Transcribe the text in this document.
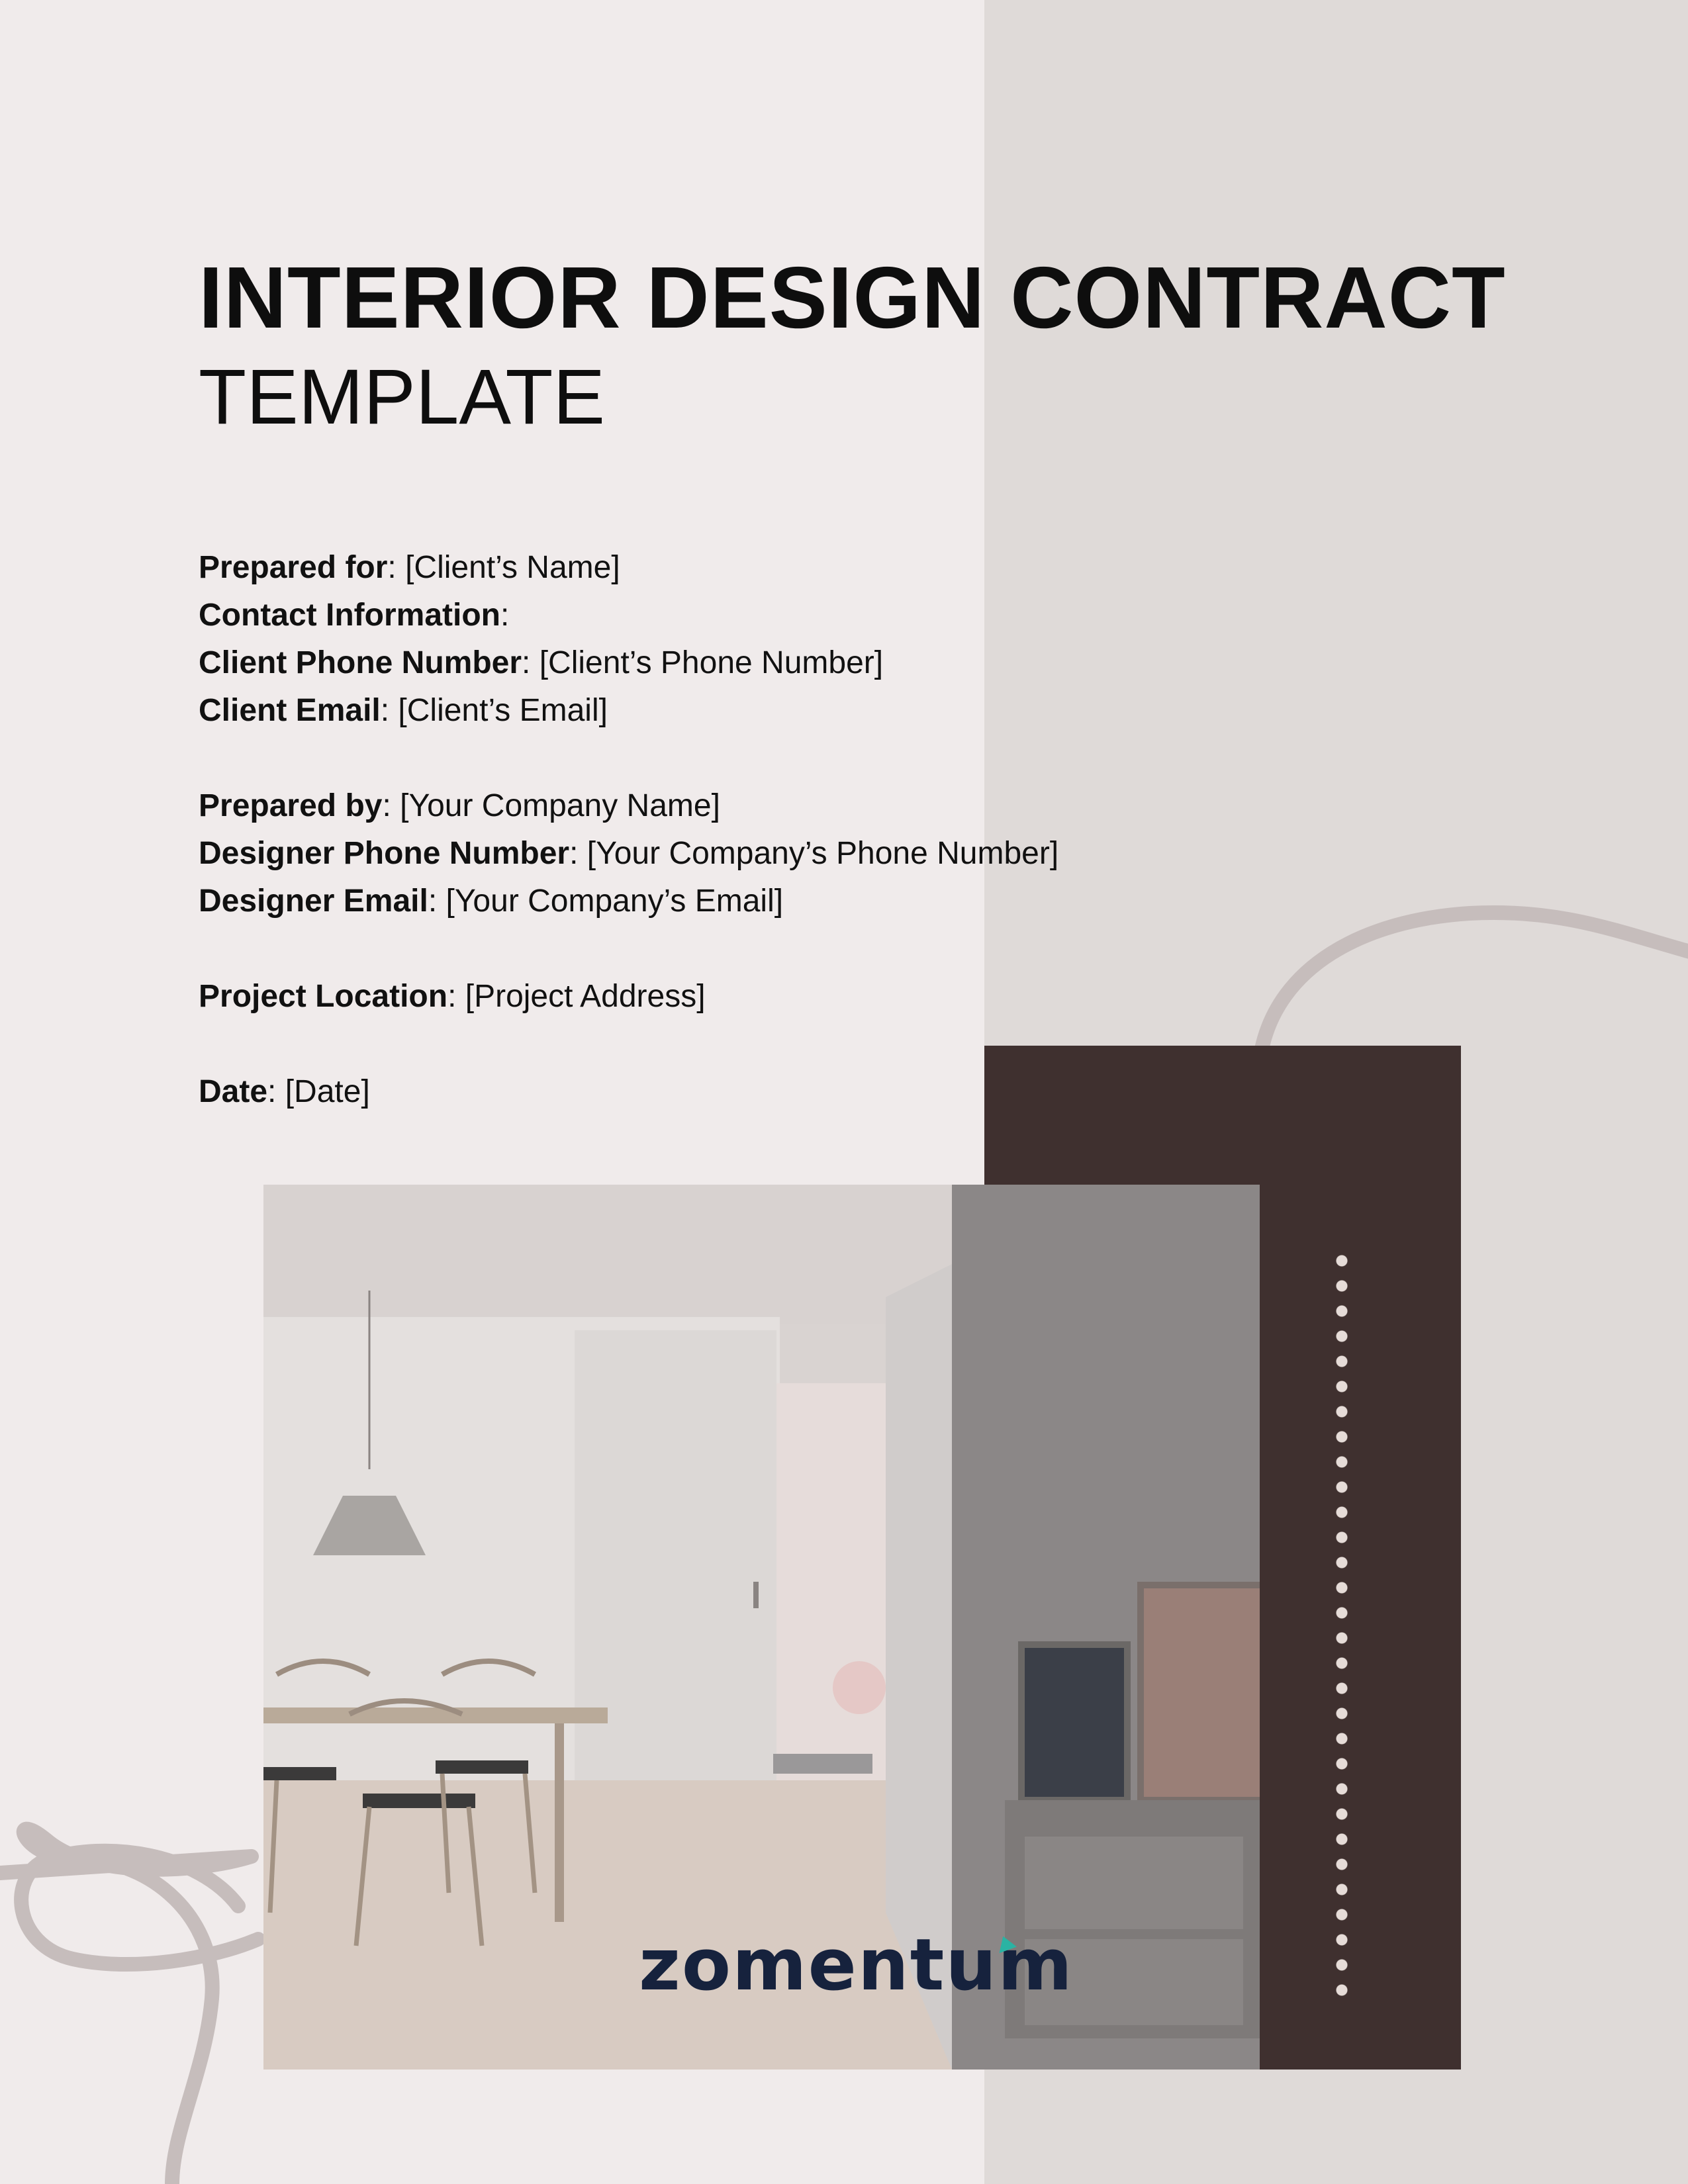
INTERIOR DESIGN CONTRACT
TEMPLATE
Prepared for: [Client’s Name]
Contact Information:
Client Phone Number: [Client’s Phone Number]
Client Email: [Client’s Email]
Prepared by: [Your Company Name]
Designer Phone Number: [Your Company’s Phone Number]
Designer Email: [Your Company’s Email]
Project Location: [Project Address]
Date: [Date]
zomentum
